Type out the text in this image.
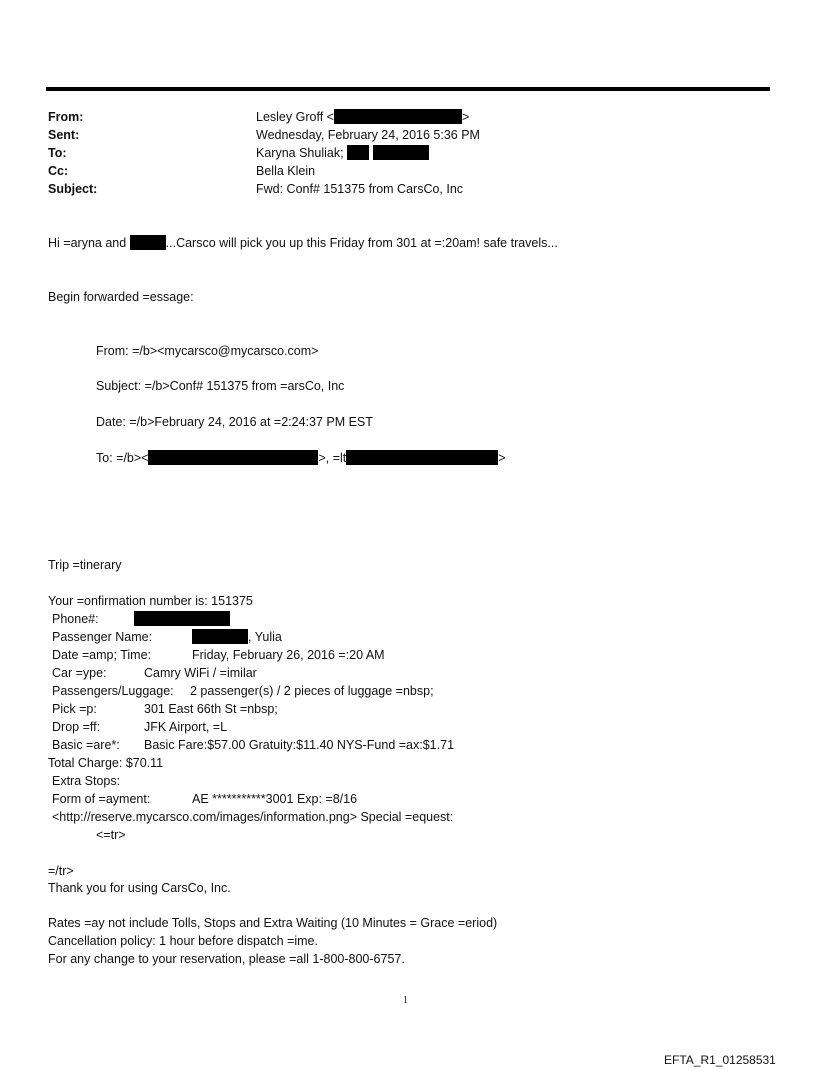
From:	Lesley Groff <	>
Sent:	Wednesday, February 24, 2016 5:36 PM
To:	Karyna Shuliak;
Cc:	Bella Klein
Subject:	Fwd: Conf# 151375 from CarsCo, Inc
Hi =aryna and	...Carsco will pick you up this Friday from 301 at =:20am! safe travels...
Begin forwarded =essage:
From: =/b><mycarsco@mycarsco.com>
Subject: =/b>Conf# 151375 from =arsCo, Inc
Date: =/b>February 24, 2016 at =2:24:37 PM EST
To: =/b><	>, =lt	>
Trip =tinerary
Your =onfirmation number is: 151375
Phone#:
Passenger Name:	, Yulia
Date =amp; Time:	Friday, February 26, 2016 =:20 AM
Car =ype:	Camry WiFi / =imilar
Passengers/Luggage: 2 passenger(s) / 2 pieces of luggage =nbsp;
Pick =p:	301 East 66th St =nbsp;
Drop =ff:	JFK Airport, =L
Basic =are*: Basic Fare:$57.00 Gratuity:$11.40 NYS-Fund =ax:$1.71
Total Charge: $70.11
Extra Stops:
Form of =ayment:	AE ***********3001 Exp: =8/16
<http://reserve.mycarsco.com/images/information.png> Special =equest:
<=tr>
=/tr>
Thank you for using CarsCo, Inc.
Rates =ay not include Tolls, Stops and Extra Waiting (10 Minutes = Grace =eriod)
Cancellation policy: 1 hour before dispatch =ime.
For any change to your reservation, please =all 1-800-800-6757.
1
EFTA_R1_01258531
